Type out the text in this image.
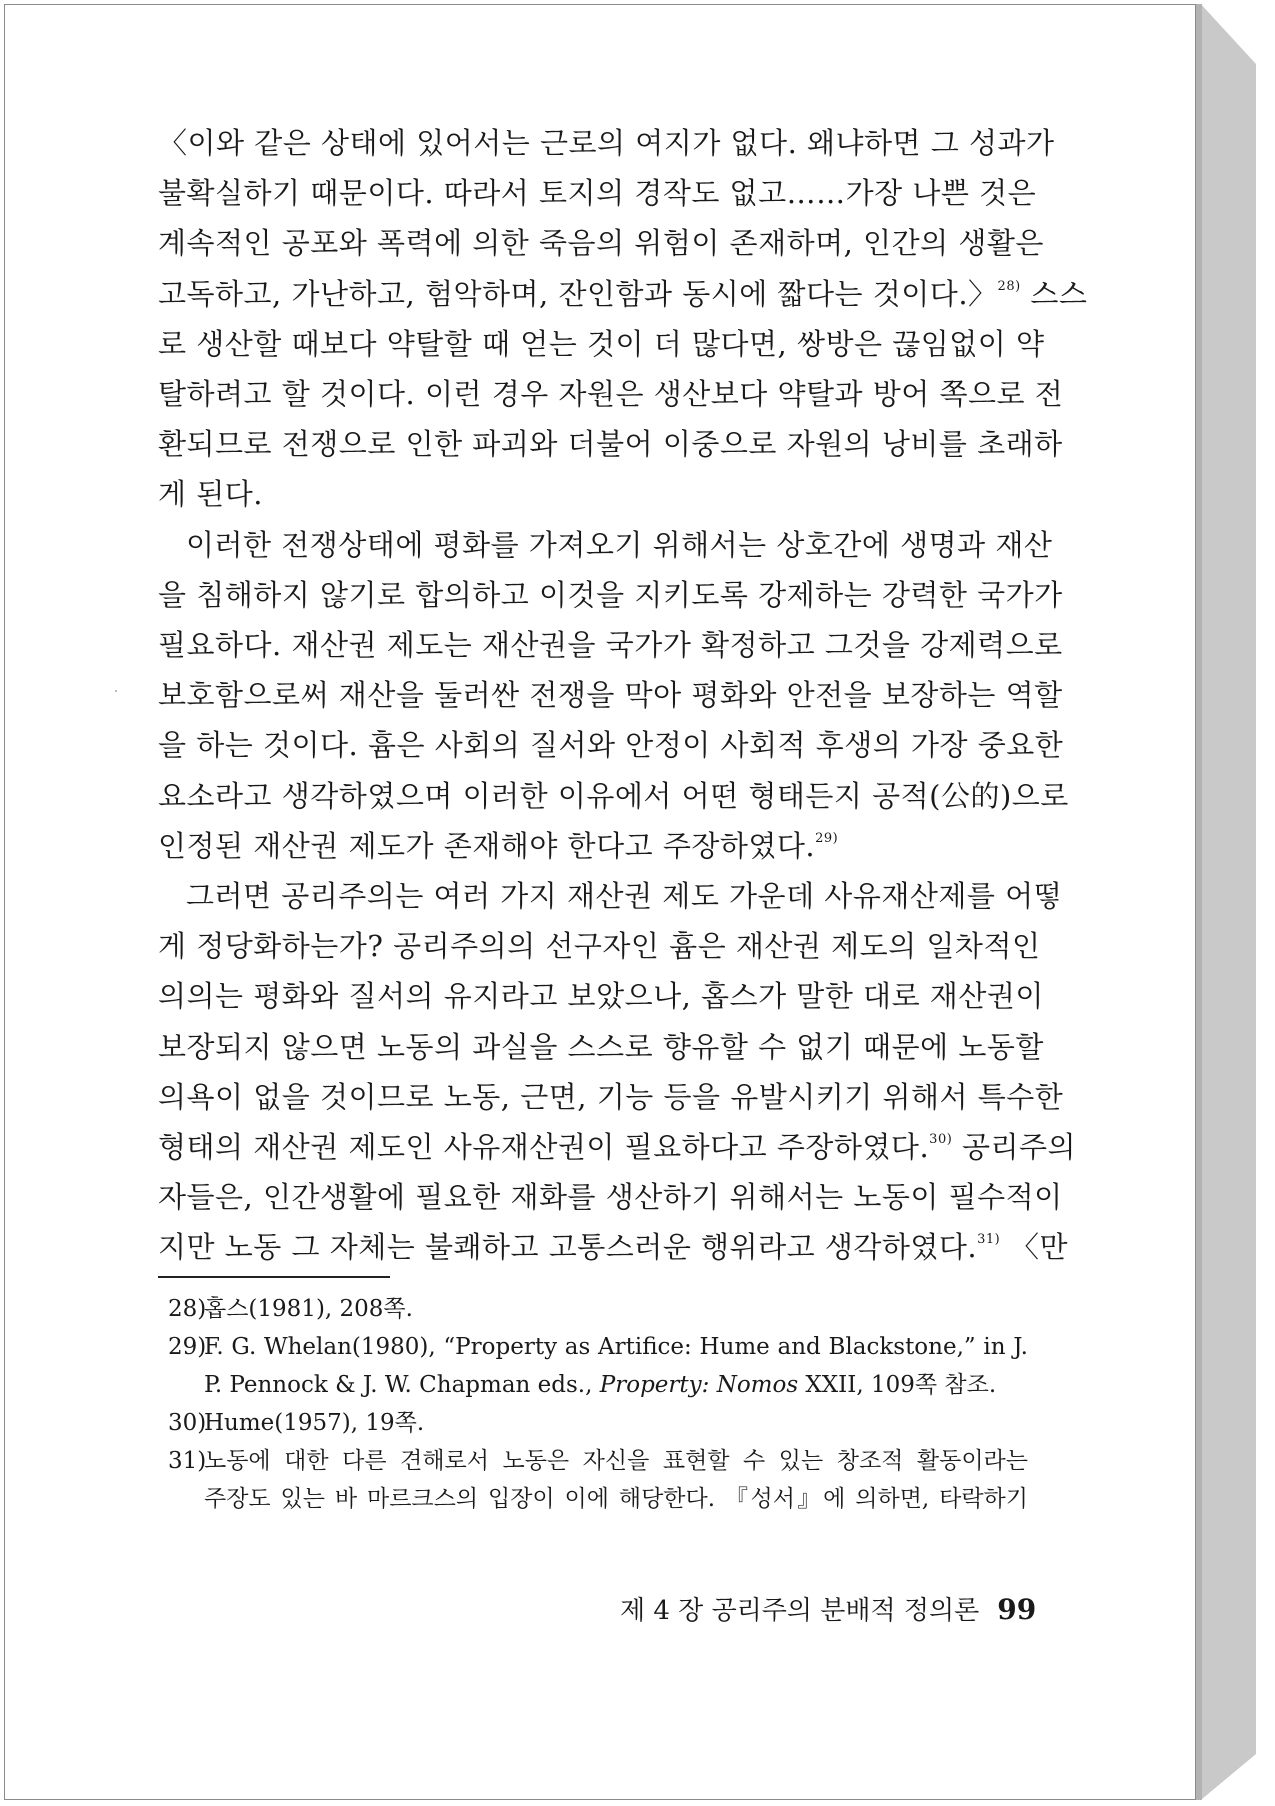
〈이와 같은 상태에 있어서는 근로의 여지가 없다. 왜냐하면 그 성과가
불확실하기 때문이다. 따라서 토지의 경작도 없고……가장 나쁜 것은
계속적인 공포와 폭력에 의한 죽음의 위험이 존재하며, 인간의 생활은
고독하고, 가난하고, 험악하며, 잔인함과 동시에 짧다는 것이다.〉$^{28)}$ 스스
로 생산할 때보다 약탈할 때 얻는 것이 더 많다면, 쌍방은 끊임없이 약
탈하려고 할 것이다. 이런 경우 자원은 생산보다 약탈과 방어 쪽으로 전
환되므로 전쟁으로 인한 파괴와 더불어 이중으로 자원의 낭비를 초래하
게 된다.
이러한 전쟁상태에 평화를 가져오기 위해서는 상호간에 생명과 재산
을 침해하지 않기로 합의하고 이것을 지키도록 강제하는 강력한 국가가
필요하다. 재산권 제도는 재산권을 국가가 확정하고 그것을 강제력으로
보호함으로써 재산을 둘러싼 전쟁을 막아 평화와 안전을 보장하는 역할
을 하는 것이다. 흄은 사회의 질서와 안정이 사회적 후생의 가장 중요한
요소라고 생각하였으며 이러한 이유에서 어떤 형태든지 공적(公的)으로
인정된 재산권 제도가 존재해야 한다고 주장하였다.$^{29)}$
그러면 공리주의는 여러 가지 재산권 제도 가운데 사유재산제를 어떻
게 정당화하는가? 공리주의의 선구자인 흄은 재산권 제도의 일차적인
의의는 평화와 질서의 유지라고 보았으나, 홉스가 말한 대로 재산권이
보장되지 않으면 노동의 과실을 스스로 향유할 수 없기 때문에 노동할
의욕이 없을 것이므로 노동, 근면, 기능 등을 유발시키기 위해서 특수한
형태의 재산권 제도인 사유재산권이 필요하다고 주장하였다.$^{30)}$ 공리주의
자들은, 인간생활에 필요한 재화를 생산하기 위해서는 노동이 필수적이
지만 노동 그 자체는 불쾌하고 고통스러운 행위라고 생각하였다.$^{31)}$ 〈만
28)
홉스(1981), 208쪽.
29)
F. G. Whelan(1980), “Property as Artifice: Hume and Blackstone,” in J.
P. Pennock & J. W. Chapman eds., Property: Nomos XXII, 109쪽 참조.
30)
Hume(1957), 19쪽.
31)
노동에 대한 다른 견해로서 노동은 자신을 표현할 수 있는 창조적 활동이라는
주장도 있는 바 마르크스의 입장이 이에 해당한다. 『성서』에 의하면, 타락하기
제 4 장 공리주의 분배적 정의론 99
